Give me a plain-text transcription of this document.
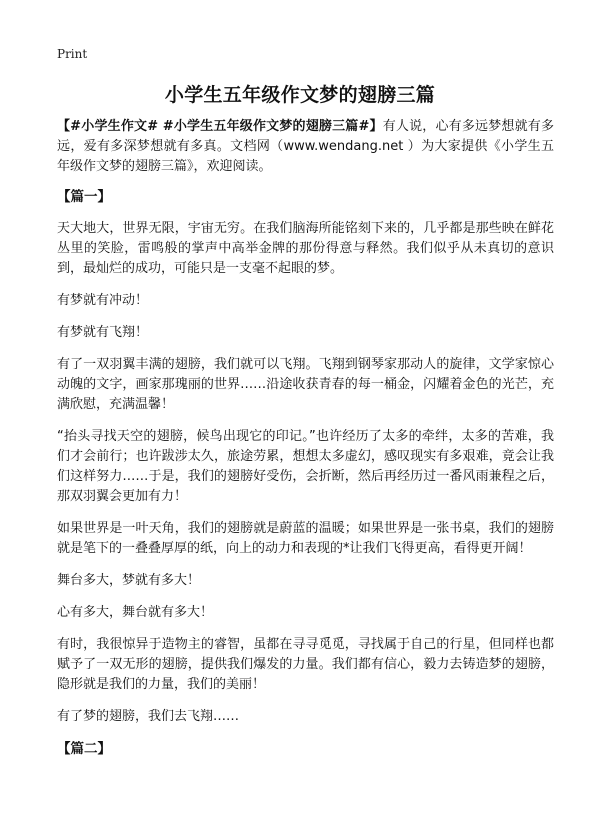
Print
小学生五年级作文梦的翅膀三篇

【#小学生作文# #小学生五年级作文梦的翅膀三篇#】有人说，心有多远梦想就有多远，爱有多深梦想就有多真。文档网（www.wendang.net ）为大家提供《小学生五年级作文梦的翅膀三篇》，欢迎阅读。

【篇一】

天大地大，世界无限，宇宙无穷。在我们脑海所能铭刻下来的，几乎都是那些映在鲜花丛里的笑脸，雷鸣般的掌声中高举金牌的那份得意与释然。我们似乎从未真切的意识到，最灿烂的成功，可能只是一支毫不起眼的梦。

有梦就有冲动！

有梦就有飞翔！

有了一双羽翼丰满的翅膀，我们就可以飞翔。飞翔到钢琴家那动人的旋律，文学家惊心动魄的文字，画家那瑰丽的世界……沿途收获青春的每一桶金，闪耀着金色的光芒，充满欣慰，充满温馨！

“抬头寻找天空的翅膀，候鸟出现它的印记。”也许经历了太多的牵绊，太多的苦难，我们才会前行；也许跋涉太久，旅途劳累，想想太多虚幻，感叹现实有多艰难，竟会让我们这样努力……于是，我们的翅膀好受伤，会折断，然后再经历过一番风雨兼程之后，那双羽翼会更加有力！

如果世界是一叶天角，我们的翅膀就是蔚蓝的温暖；如果世界是一张书桌，我们的翅膀就是笔下的一叠叠厚厚的纸，向上的动力和表现的*让我们飞得更高，看得更开阔！

舞台多大，梦就有多大！

心有多大，舞台就有多大！

有时，我很惊异于造物主的睿智，虽都在寻寻觅觅，寻找属于自己的行星，但同样也都赋予了一双无形的翅膀，提供我们爆发的力量。我们都有信心，毅力去铸造梦的翅膀，隐形就是我们的力量，我们的美丽！

有了梦的翅膀，我们去飞翔……

【篇二】
